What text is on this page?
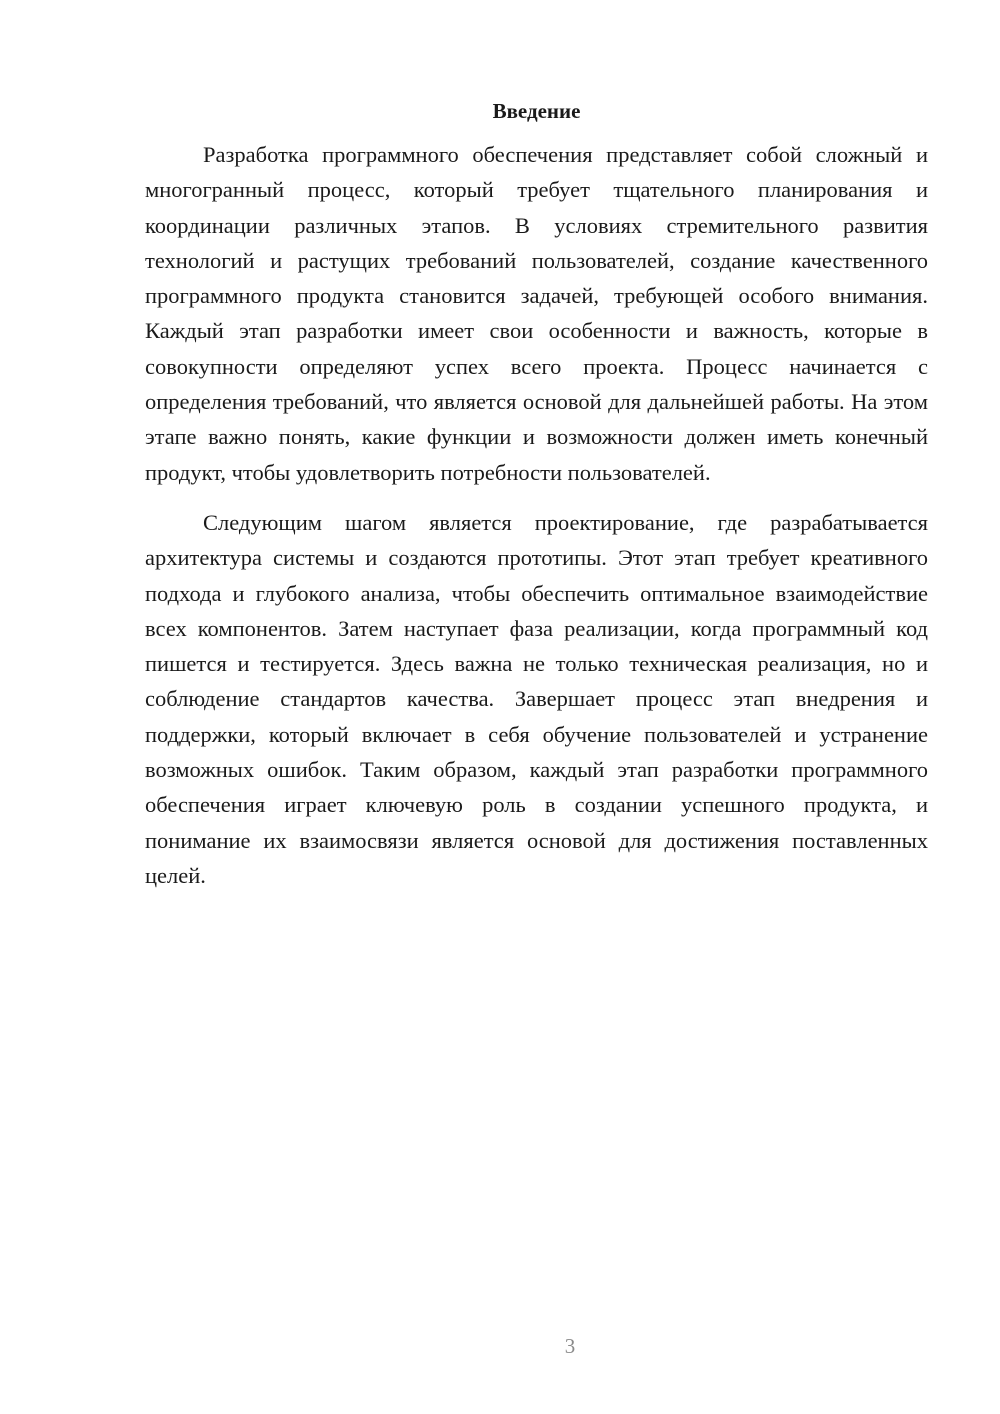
Введение

Разработка программного обеспечения представляет собой сложный и многогранный процесс, который требует тщательного планирования и координации различных этапов. В условиях стремительного развития технологий и растущих требований пользователей, создание качественного программного продукта становится задачей, требующей особого внимания. Каждый этап разработки имеет свои особенности и важность, которые в совокупности определяют успех всего проекта. Процесс начинается с определения требований, что является основой для дальнейшей работы. На этом этапе важно понять, какие функции и возможности должен иметь конечный продукт, чтобы удовлетворить потребности пользователей.

Следующим шагом является проектирование, где разрабатывается архитектура системы и создаются прототипы. Этот этап требует креативного подхода и глубокого анализа, чтобы обеспечить оптимальное взаимодействие всех компонентов. Затем наступает фаза реализации, когда программный код пишется и тестируется. Здесь важна не только техническая реализация, но и соблюдение стандартов качества. Завершает процесс этап внедрения и поддержки, который включает в себя обучение пользователей и устранение возможных ошибок. Таким образом, каждый этап разработки программного обеспечения играет ключевую роль в создании успешного продукта, и понимание их взаимосвязи является основой для достижения поставленных целей.

3
